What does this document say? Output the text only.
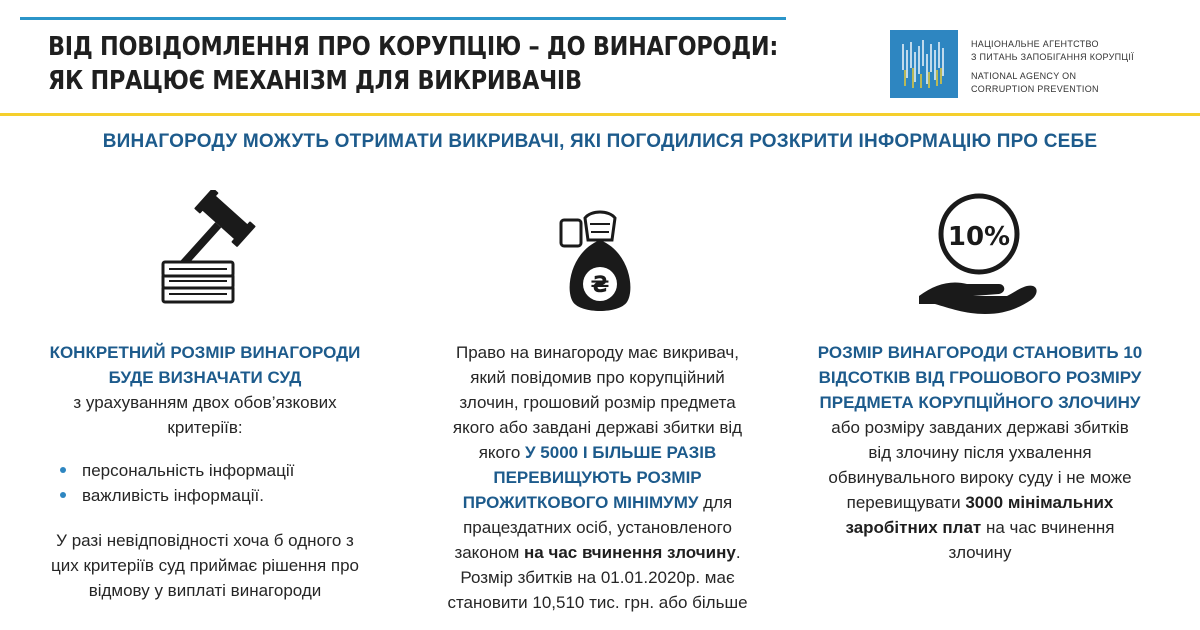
ВІД ПОВІДОМЛЕННЯ ПРО КОРУПЦІЮ – ДО ВИНАГОРОДИ:
ЯК ПРАЦЮЄ МЕХАНІЗМ ДЛЯ ВИКРИВАЧІВ
НАЦІОНАЛЬНЕ АГЕНТСТВО
З ПИТАНЬ ЗАПОБІГАННЯ КОРУПЦІЇ
NATIONAL AGENCY ON
CORRUPTION PREVENTION
ВИНАГОРОДУ МОЖУТЬ ОТРИМАТИ ВИКРИВАЧІ, ЯКІ ПОГОДИЛИСЯ РОЗКРИТИ ІНФОРМАЦІЮ ПРО СЕБЕ
₴
10%
КОНКРЕТНИЙ РОЗМІР ВИНАГОРОДИ
БУДЕ ВИЗНАЧАТИ СУД
з урахуванням двох обов’язкових
критеріїв:
персональність інформації
важливість інформації.
У разі невідповідності хоча б одного з
цих критеріїв суд приймає рішення про
відмову у виплаті винагороди
Право на винагороду має викривач,
який повідомив про корупційний
злочин, грошовий розмір предмета
якого або завдані державі збитки від
якого У 5000 І БІЛЬШЕ РАЗІВ
ПЕРЕВИЩУЮТЬ РОЗМІР
ПРОЖИТКОВОГО МІНІМУМУ для
працездатних осіб, установленого
законом на час вчинення злочину.
Розмір збитків на 01.01.2020р. має
становити 10,510 тис. грн. або більше
РОЗМІР ВИНАГОРОДИ СТАНОВИТЬ 10
ВІДСОТКІВ ВІД ГРОШОВОГО РОЗМІРУ
ПРЕДМЕТА КОРУПЦІЙНОГО ЗЛОЧИНУ
або розміру завданих державі збитків
від злочину після ухвалення
обвинувального вироку суду і не може
перевищувати 3000 мінімальних
заробітних плат на час вчинення
злочину
